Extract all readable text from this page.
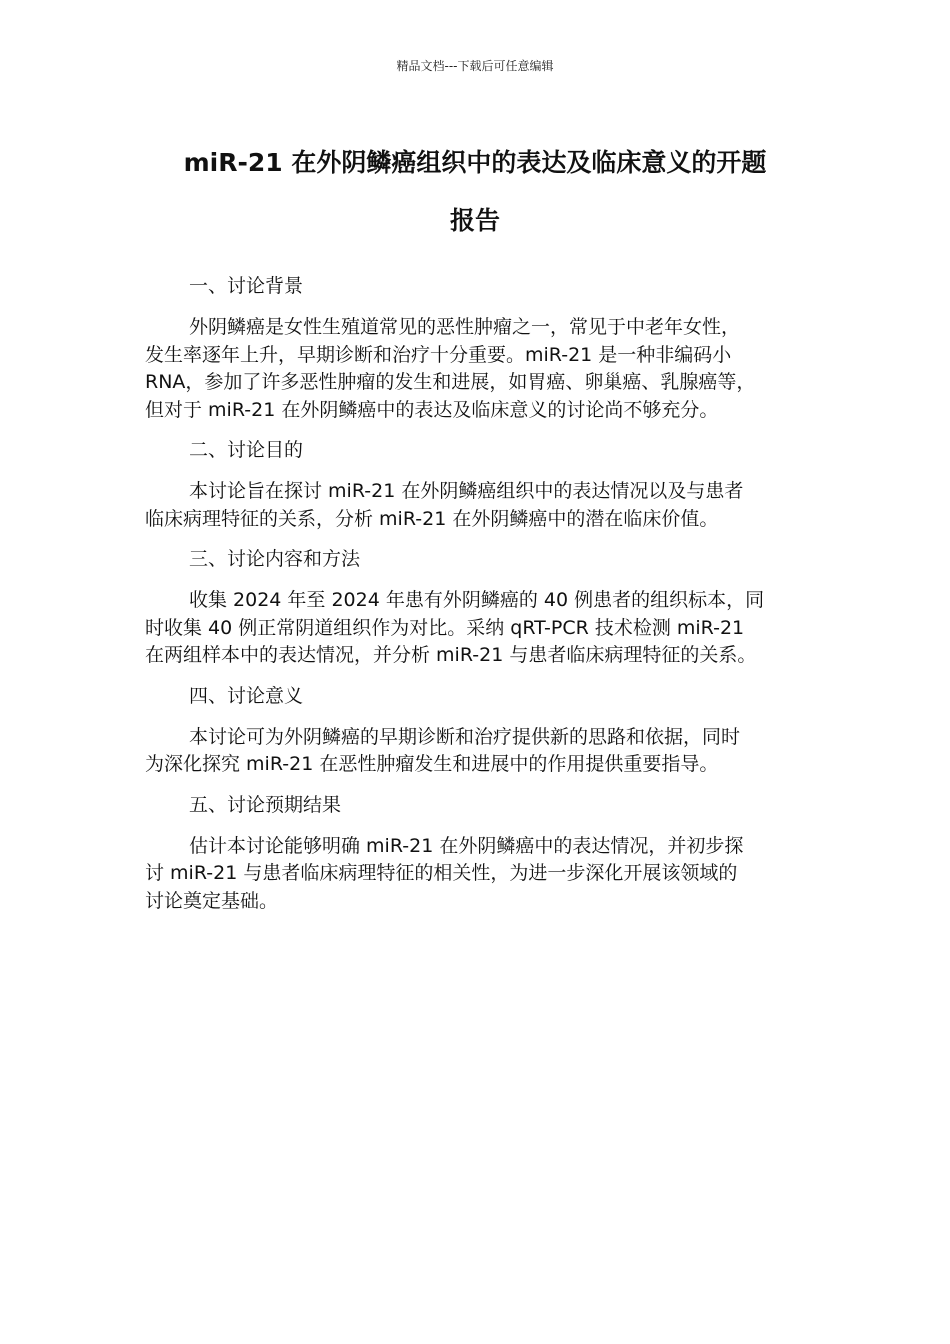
精品文档---下载后可任意编辑
miR-21 在外阴鳞癌组织中的表达及临床意义的开题
报告
一、讨论背景

外阴鳞癌是女性生殖道常见的恶性肿瘤之一，常见于中老年女性，
发生率逐年上升，早期诊断和治疗十分重要。miR-21 是一种非编码小
RNA，参加了许多恶性肿瘤的发生和进展，如胃癌、卵巢癌、乳腺癌等，
但对于 miR-21 在外阴鳞癌中的表达及临床意义的讨论尚不够充分。

二、讨论目的

本讨论旨在探讨 miR-21 在外阴鳞癌组织中的表达情况以及与患者
临床病理特征的关系，分析 miR-21 在外阴鳞癌中的潜在临床价值。

三、讨论内容和方法

收集 2024 年至 2024 年患有外阴鳞癌的 40 例患者的组织标本，同
时收集 40 例正常阴道组织作为对比。采纳 qRT-PCR 技术检测 miR-21
在两组样本中的表达情况，并分析 miR-21 与患者临床病理特征的关系。

四、讨论意义

本讨论可为外阴鳞癌的早期诊断和治疗提供新的思路和依据，同时
为深化探究 miR-21 在恶性肿瘤发生和进展中的作用提供重要指导。

五、讨论预期结果

估计本讨论能够明确 miR-21 在外阴鳞癌中的表达情况，并初步探
讨 miR-21 与患者临床病理特征的相关性，为进一步深化开展该领域的
讨论奠定基础。
